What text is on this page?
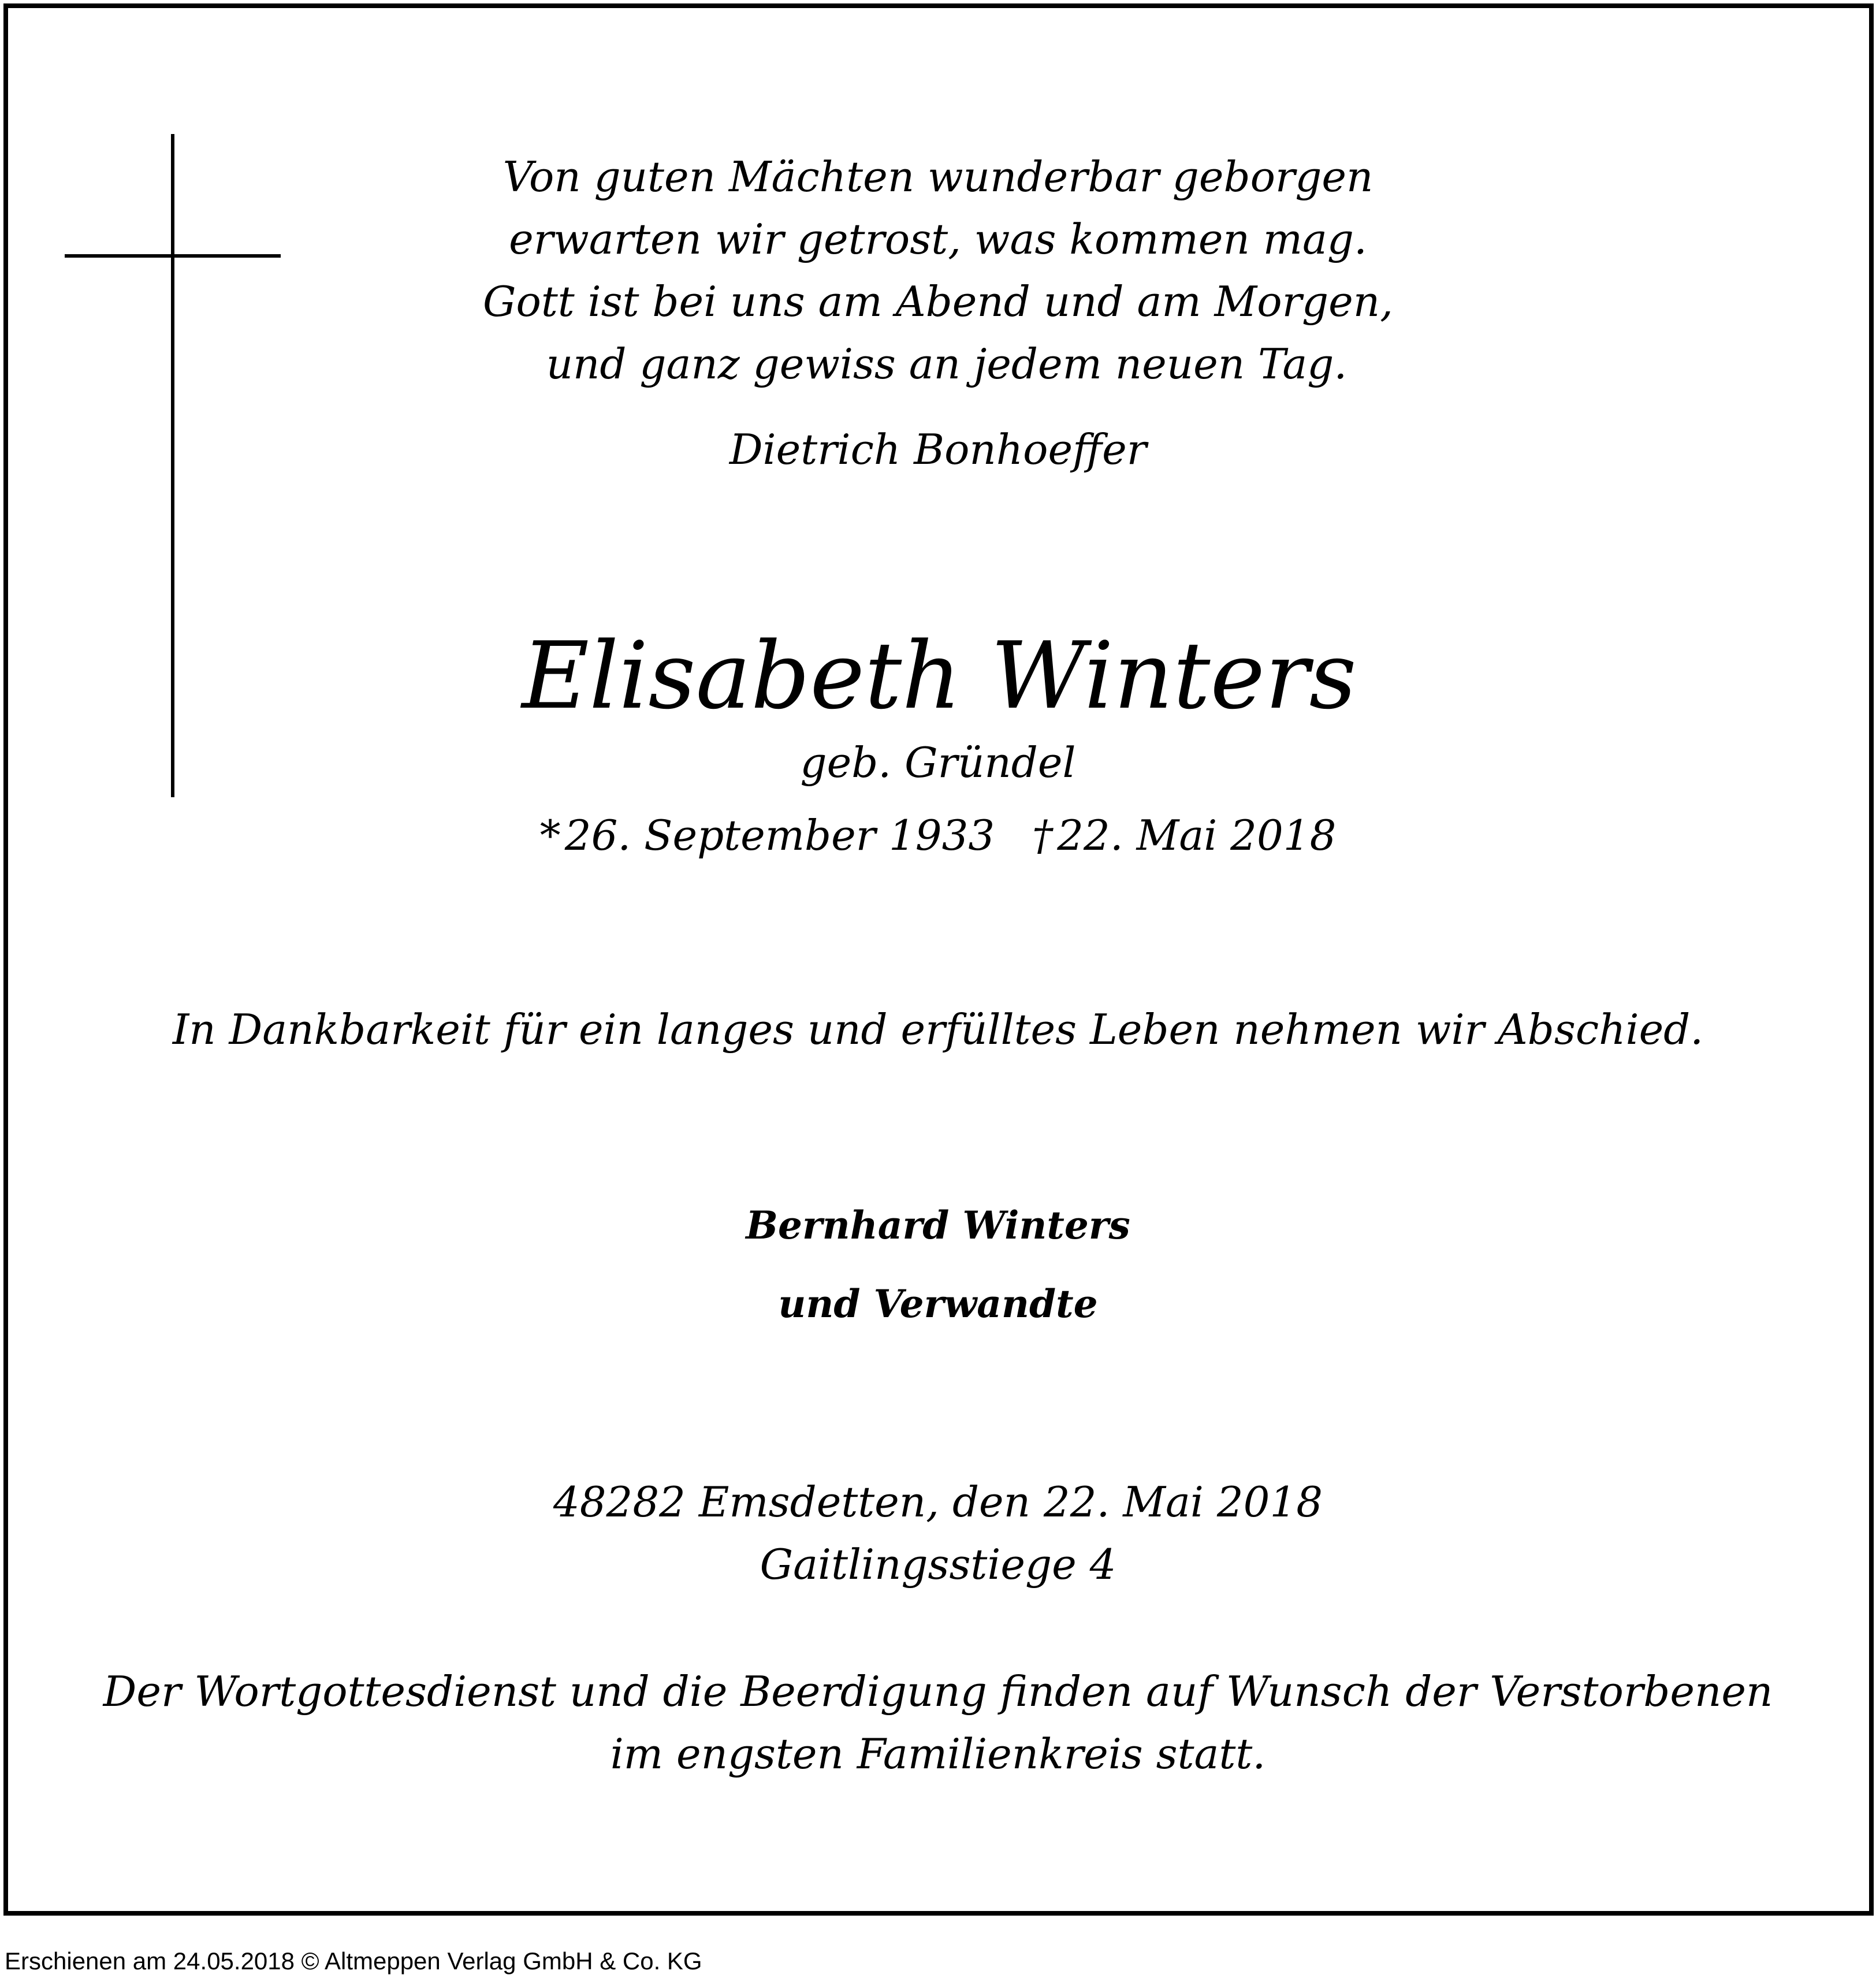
Von guten Mächten wunderbar geborgen
erwarten wir getrost, was kommen mag.
Gott ist bei uns am Abend und am Morgen,
und ganz gewiss an jedem neuen Tag.
Dietrich Bonhoeffer
Elisabeth Winters
geb. Gründel
*26. September 1933 †22. Mai 2018
In Dankbarkeit für ein langes und erfülltes Leben nehmen wir Abschied.
Bernhard Winters
und Verwandte
48282 Emsdetten, den 22. Mai 2018
Gaitlingsstiege 4
Der Wortgottesdienst und die Beerdigung finden auf Wunsch der Verstorbenen
im engsten Familienkreis statt.
Erschienen am 24.05.2018 © Altmeppen Verlag GmbH & Co. KG
